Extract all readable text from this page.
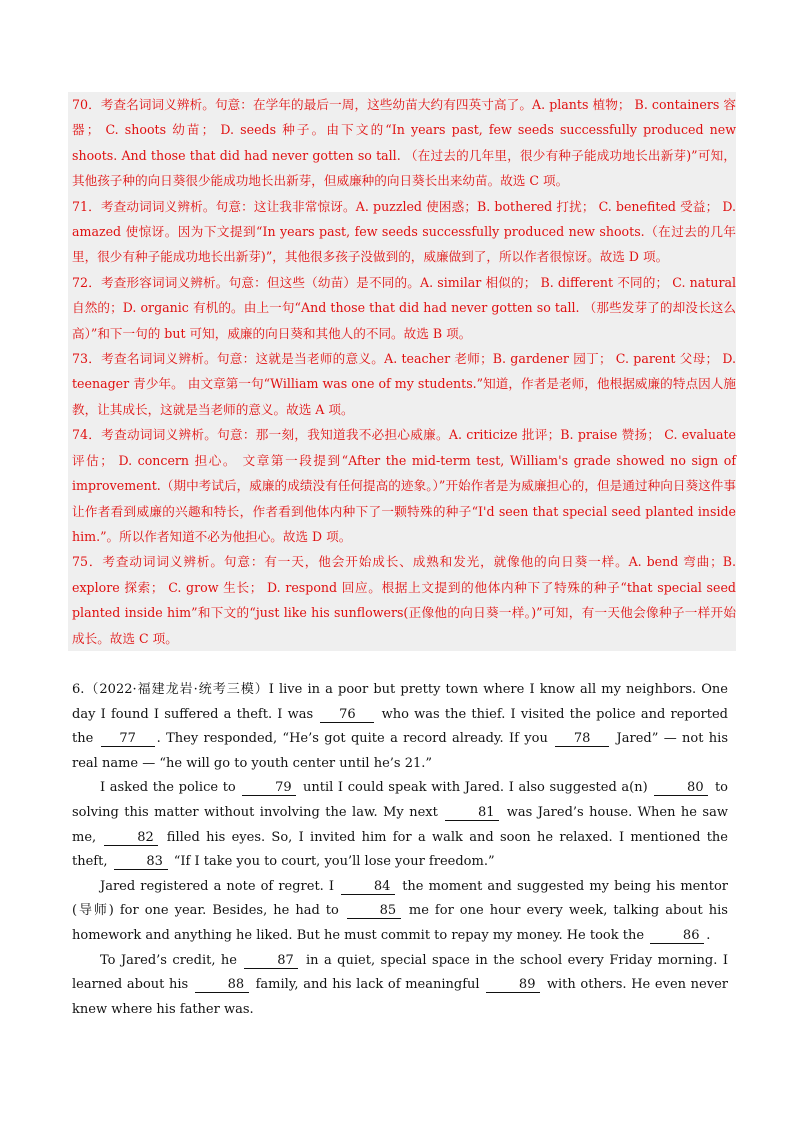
70．考查名词词义辨析。句意：在学年的最后一周，这些幼苗大约有四英寸高了。A. plants 植物； B. containers 容器； C. shoots 幼苗； D. seeds 种子。由下文的“In years past, few seeds successfully produced new shoots. And those that did had never gotten so tall. （在过去的几年里，很少有种子能成功地长出新芽)”可知，其他孩子种的向日葵很少能成功地长出新芽，但威廉种的向日葵长出来幼苗。故选 C 项。

71．考查动词词义辨析。句意：这让我非常惊讶。A. puzzled 使困惑；B. bothered 打扰； C. benefited 受益； D. amazed 使惊讶。因为下文提到“In years past, few seeds successfully produced new shoots.（在过去的几年里，很少有种子能成功地长出新芽)”，其他很多孩子没做到的，威廉做到了，所以作者很惊讶。故选 D 项。

72．考查形容词词义辨析。句意：但这些（幼苗）是不同的。A. similar 相似的； B. different 不同的； C. natural 自然的；D. organic 有机的。由上一句“And those that did had never gotten so tall. （那些发芽了的却没长这么高）”和下一句的 but 可知，威廉的向日葵和其他人的不同。故选 B 项。

73．考查名词词义辨析。句意：这就是当老师的意义。A. teacher 老师；B. gardener 园丁； C. parent 父母； D. teenager 青少年。 由文章第一句“William was one of my students.”知道，作者是老师，他根据威廉的特点因人施教，让其成长，这就是当老师的意义。故选 A 项。

74．考查动词词义辨析。句意：那一刻，我知道我不必担心威廉。A. criticize 批评；B. praise 赞扬； C. evaluate 评估； D. concern 担心。 文章第一段提到“After the mid-term test, William's grade showed no sign of improvement.（期中考试后，威廉的成绩没有任何提高的迹象。）”开始作者是为威廉担心的，但是通过种向日葵这件事让作者看到威廉的兴趣和特长，作者看到他体内种下了一颗特殊的种子“I'd seen that special seed planted inside him.”。所以作者知道不必为他担心。故选 D 项。

75．考查动词词义辨析。句意：有一天，他会开始成长、成熟和发光，就像他的向日葵一样。A. bend 弯曲；B. explore 探索； C. grow 生长； D. respond 回应。根据上文提到的他体内种下了特殊的种子“that special seed planted inside him”和下文的“just like his sunflowers(正像他的向日葵一样。)”可知，有一天他会像种子一样开始成长。故选 C 项。

6.（2022·福建龙岩·统考三模）I live in a poor but pretty town where I know all my neighbors. One day I found I suffered a theft. I was 76 who was the thief. I visited the police and reported the 77 . They responded, “He’s got quite a record already. If you 78 Jared” — not his real name — “he will go to youth center until he’s 21.”

I asked the police to	79 until I could speak with Jared. I also suggested a(n)	80 to solving this matter without involving the law. My next	81 was Jared’s house. When he saw me,	82 filled his eyes. So, I invited him for a walk and soon he relaxed. I mentioned the theft,	83 “If I take you to court, you’ll lose your freedom.”

Jared registered a note of regret. I	84 the moment and suggested my being his mentor (导师) for one year. Besides, he had to	85 me for one hour every week, talking about his homework and anything he liked. But he must commit to repay my money. He took the	86 .

To Jared’s credit, he	87 in a quiet, special space in the school every Friday morning. I learned about his	88 family, and his lack of meaningful	89 with others. He even never knew where his father was.
